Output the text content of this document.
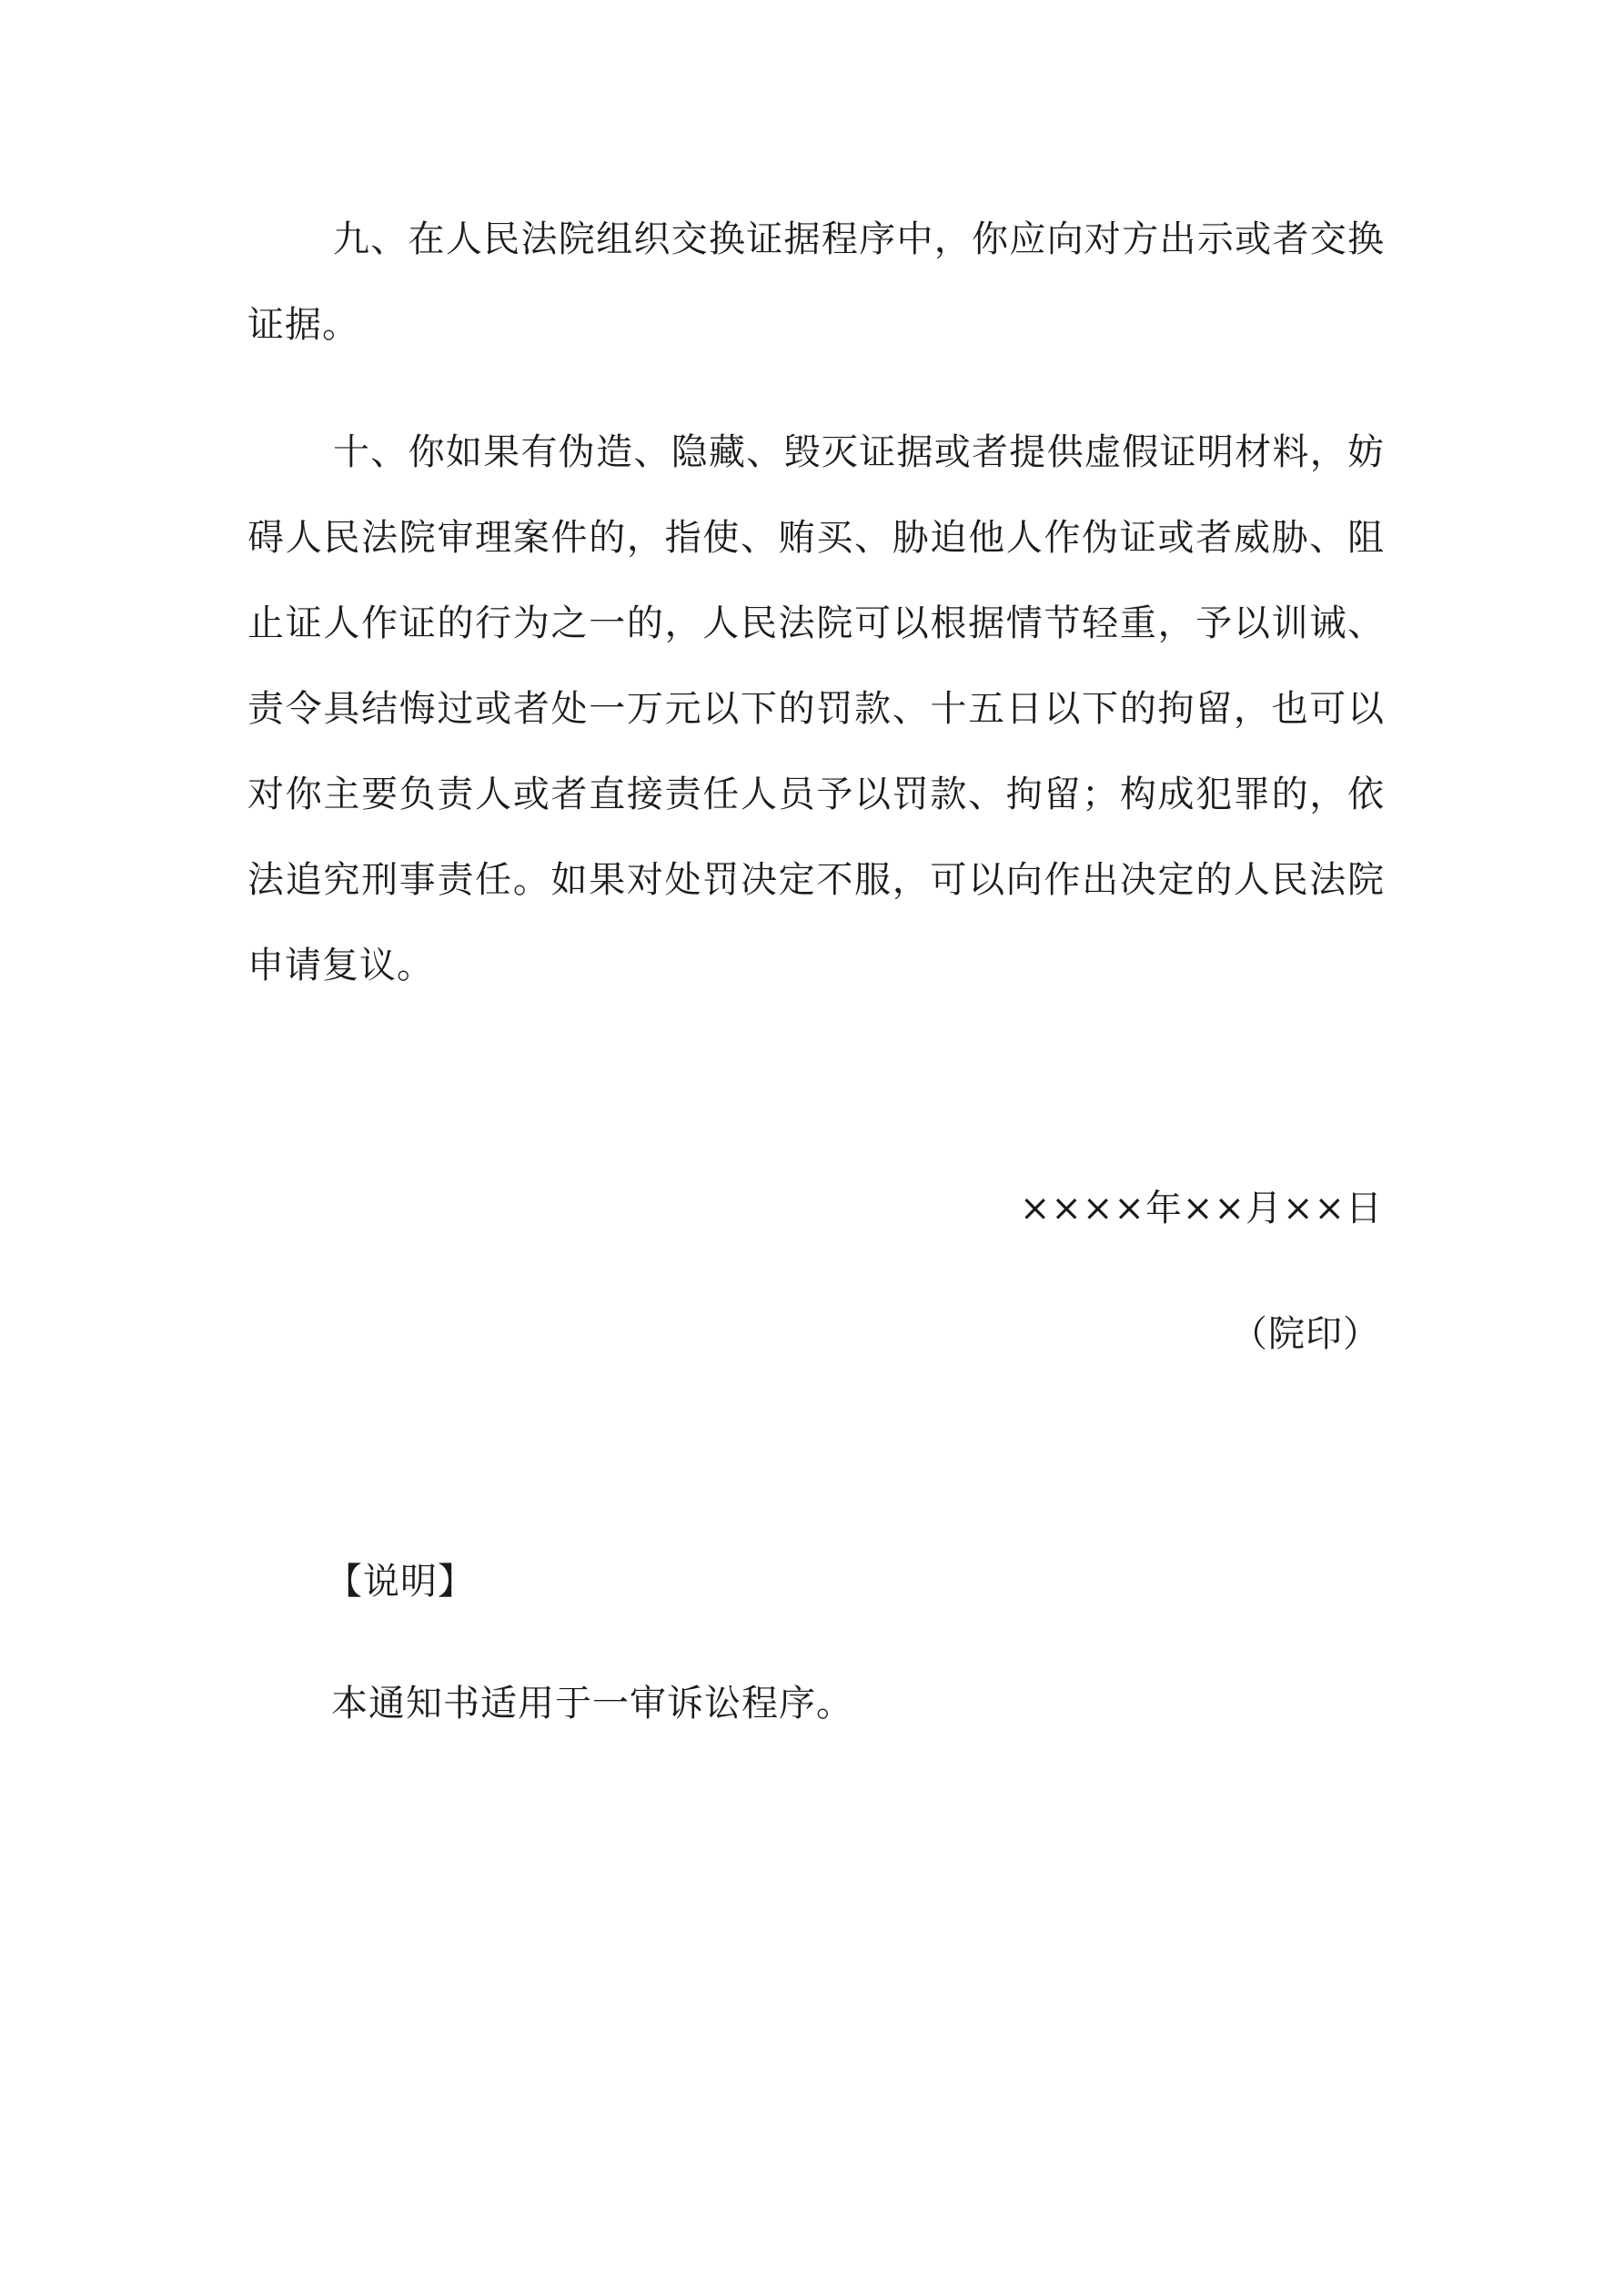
九、在人民法院组织交换证据程序中，你应向对方出示或者交换证据。

十、你如果有伪造、隐藏、毁灭证据或者提供虚假证明材料，妨碍人民法院审理案件的，指使、贿买、胁迫他人作伪证或者威胁、阻止证人作证的行为之一的，人民法院可以根据情节轻重，予以训诫、责令具结悔过或者处一万元以下的罚款、十五日以下的拘留，也可以对你主要负责人或者直接责任人员予以罚款、拘留；构成犯罪的，依法追究刑事责任。如果对处罚决定不服，可以向作出决定的人民法院申请复议。

××××年××月××日

（院印）

【说明】

本通知书适用于一审诉讼程序。
